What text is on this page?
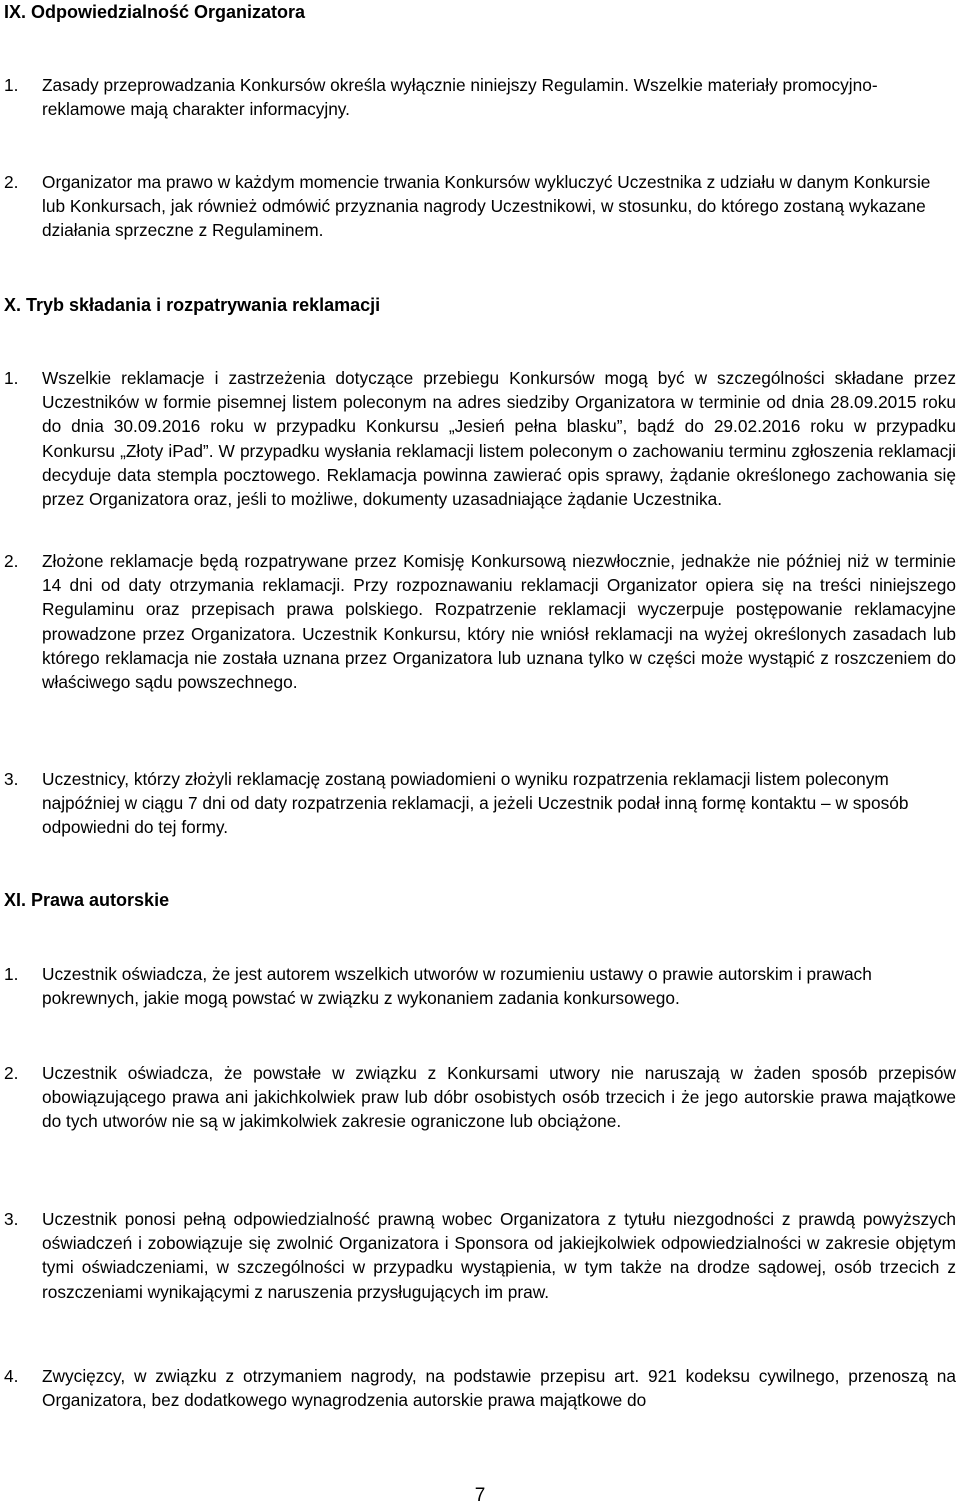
IX. Odpowiedzialność Organizatora
1.	Zasady przeprowadzania Konkursów określa wyłącznie niniejszy Regulamin. Wszelkie materiały promocyjno-reklamowe mają charakter informacyjny.
2.	Organizator ma prawo w każdym momencie trwania Konkursów wykluczyć Uczestnika z udziału w danym Konkursie lub Konkursach, jak również odmówić przyznania nagrody Uczestnikowi, w stosunku, do którego zostaną wykazane działania sprzeczne z Regulaminem.
X. Tryb składania i rozpatrywania reklamacji
1.	Wszelkie reklamacje i zastrzeżenia dotyczące przebiegu Konkursów mogą być w szczególności składane przez Uczestników w formie pisemnej listem poleconym na adres siedziby Organizatora w terminie od dnia 28.09.2015 roku do dnia 30.09.2016 roku w przypadku Konkursu „Jesień pełna blasku”, bądź do 29.02.2016 roku w przypadku Konkursu „Złoty iPad”. W przypadku wysłania reklamacji listem poleconym o zachowaniu terminu zgłoszenia reklamacji decyduje data stempla pocztowego. Reklamacja powinna zawierać opis sprawy, żądanie określonego zachowania się przez Organizatora oraz, jeśli to możliwe, dokumenty uzasadniające żądanie Uczestnika.
2.	Złożone reklamacje będą rozpatrywane przez Komisję Konkursową niezwłocznie, jednakże nie później niż w terminie 14 dni od daty otrzymania reklamacji. Przy rozpoznawaniu reklamacji Organizator opiera się na treści niniejszego Regulaminu oraz przepisach prawa polskiego. Rozpatrzenie reklamacji wyczerpuje postępowanie reklamacyjne prowadzone przez Organizatora. Uczestnik Konkursu, który nie wniósł reklamacji na wyżej określonych zasadach lub którego reklamacja nie została uznana przez Organizatora lub uznana tylko w części może wystąpić z roszczeniem do właściwego sądu powszechnego.
3.	Uczestnicy, którzy złożyli reklamację zostaną powiadomieni o wyniku rozpatrzenia reklamacji listem poleconym najpóźniej w ciągu 7 dni od daty rozpatrzenia reklamacji, a jeżeli Uczestnik podał inną formę kontaktu – w sposób odpowiedni do tej formy.
XI. Prawa autorskie
1.	Uczestnik oświadcza, że jest autorem wszelkich utworów w rozumieniu ustawy o prawie autorskim i prawach pokrewnych, jakie mogą powstać w związku z wykonaniem zadania konkursowego.
2.	Uczestnik oświadcza, że powstałe w związku z Konkursami utwory nie naruszają w żaden sposób przepisów obowiązującego prawa ani jakichkolwiek praw lub dóbr osobistych osób trzecich i że jego autorskie prawa majątkowe do tych utworów nie są w jakimkolwiek zakresie ograniczone lub obciążone.
3.	Uczestnik ponosi pełną odpowiedzialność prawną wobec Organizatora z tytułu niezgodności z prawdą powyższych oświadczeń i zobowiązuje się zwolnić Organizatora i Sponsora od jakiejkolwiek odpowiedzialności w zakresie objętym tymi oświadczeniami, w szczególności w przypadku wystąpienia, w tym także na drodze sądowej, osób trzecich z roszczeniami wynikającymi z naruszenia przysługujących im praw.
4.	Zwycięzcy, w związku z otrzymaniem nagrody, na podstawie przepisu art. 921 kodeksu cywilnego, przenoszą na Organizatora, bez dodatkowego wynagrodzenia autorskie prawa majątkowe do
7
